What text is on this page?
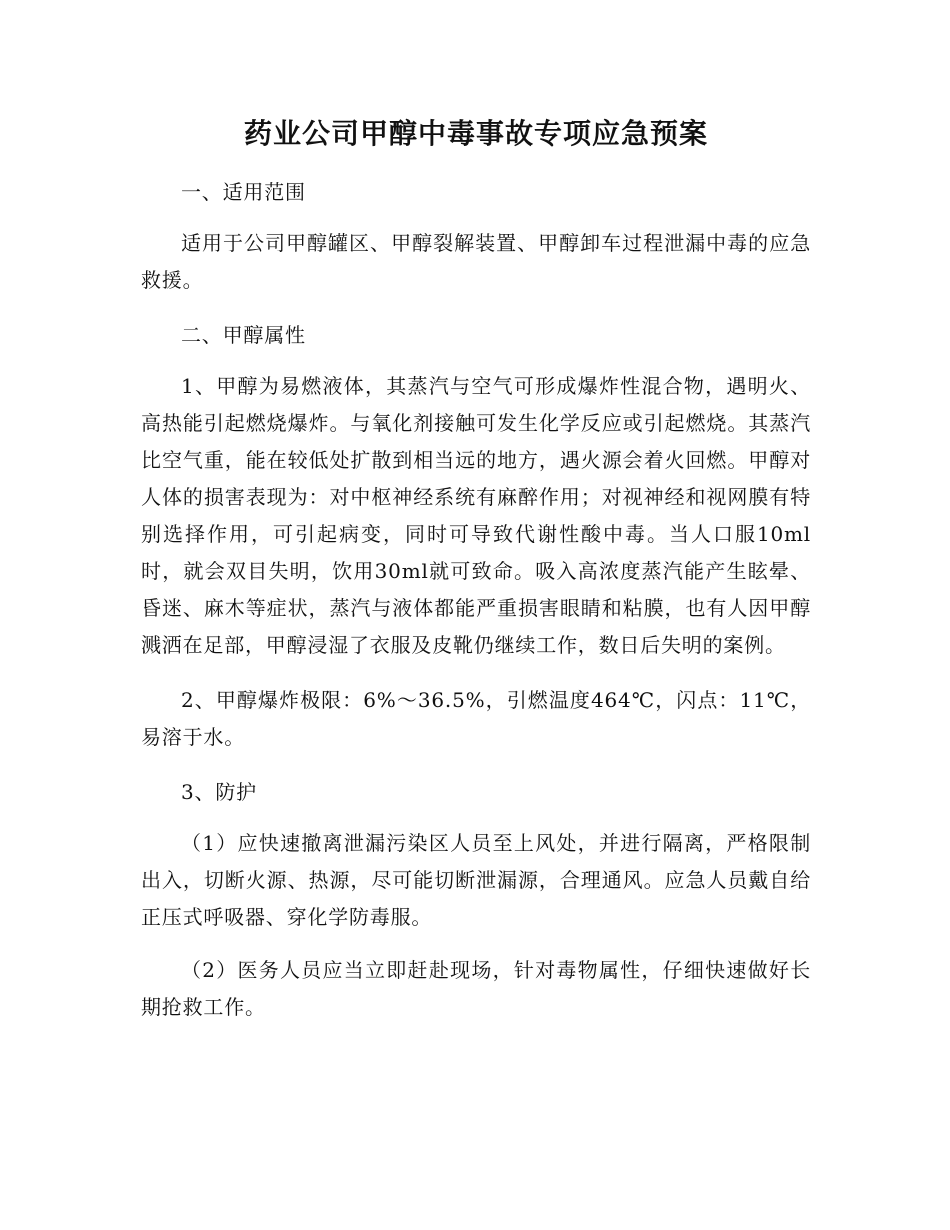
药业公司甲醇中毒事故专项应急预案

一、适用范围

适用于公司甲醇罐区、甲醇裂解装置、甲醇卸车过程泄漏中毒的应急救援。

二、甲醇属性

1、甲醇为易燃液体，其蒸汽与空气可形成爆炸性混合物，遇明火、高热能引起燃烧爆炸。与氧化剂接触可发生化学反应或引起燃烧。其蒸汽比空气重，能在较低处扩散到相当远的地方，遇火源会着火回燃。甲醇对人体的损害表现为：对中枢神经系统有麻醉作用；对视神经和视网膜有特别选择作用，可引起病变，同时可导致代谢性酸中毒。当人口服10ml时，就会双目失明，饮用30ml就可致命。吸入高浓度蒸汽能产生眩晕、昏迷、麻木等症状，蒸汽与液体都能严重损害眼睛和粘膜，也有人因甲醇溅洒在足部，甲醇浸湿了衣服及皮靴仍继续工作，数日后失明的案例。

2、甲醇爆炸极限：6%～36.5%，引燃温度464℃，闪点：11℃，易溶于水。

3、防护

（1）应快速撤离泄漏污染区人员至上风处，并进行隔离，严格限制出入，切断火源、热源，尽可能切断泄漏源，合理通风。应急人员戴自给正压式呼吸器、穿化学防毒服。

（2）医务人员应当立即赶赴现场，针对毒物属性，仔细快速做好长期抢救工作。
